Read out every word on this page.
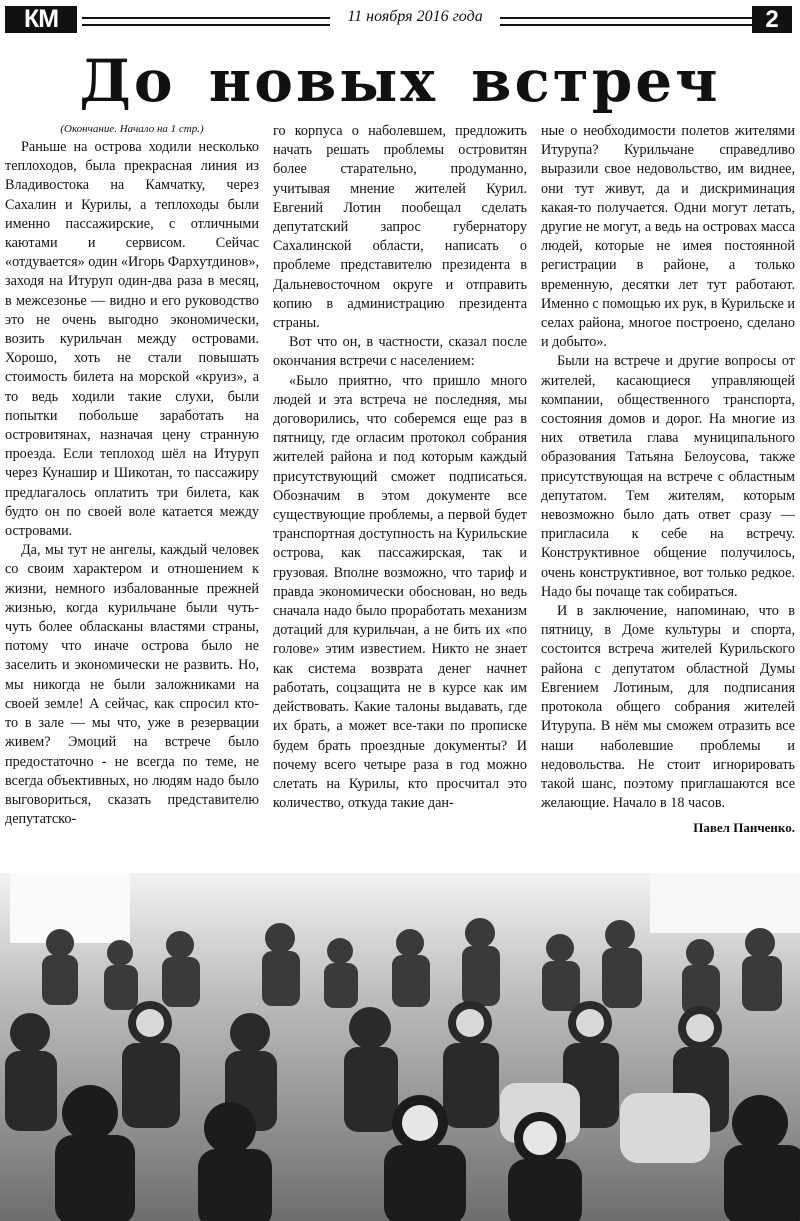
КМ	11 ноября 2016 года	2
До новых встреч
(Окончание. Начало на 1 стр.)

Раньше на острова ходили несколько теплоходов, была прекрасная линия из Владивостока на Камчатку, через Сахалин и Курилы, а теплоходы были именно пассажирские, с отличными каютами и сервисом. Сейчас «отдувается» один «Игорь Фархутдинов», заходя на Итуруп один-два раза в месяц, в межсезонье — видно и его руководство это не очень выгодно экономически, возить курильчан между островами. Хорошо, хоть не стали повышать стоимость билета на морской «круиз», а то ведь ходили такие слухи, были попытки побольше заработать на островитянах, назначая цену странную проезда. Если теплоход шёл на Итуруп через Кунашир и Шикотан, то пассажиру предлагалось оплатить три билета, как будто он по своей воле катается между островами.

Да, мы тут не ангелы, каждый человек со своим характером и отношением к жизни, немного избалованные прежней жизнью, когда курильчане были чуть-чуть более обласканы властями страны, потому что иначе острова было не заселить и экономически не развить. Но, мы никогда не были заложниками на своей земле! А сейчас, как спросил кто-то в зале — мы что, уже в резервации живем? Эмоций на встрече было предостаточно - не всегда по теме, не всегда объективных, но людям надо было выговориться, сказать представителю депутатско-

го корпуса о наболевшем, предложить начать решать проблемы островитян более старательно, продуманно, учитывая мнение жителей Курил. Евгений Лотин пообещал сделать депутатский запрос губернатору Сахалинской области, написать о проблеме представителю президента в Дальневосточном округе и отправить копию в администрацию президента страны.

Вот что он, в частности, сказал после окончания встречи с населением:

«Было приятно, что пришло много людей и эта встреча не последняя, мы договорились, что соберемся еще раз в пятницу, где огласим протокол собрания жителей района и под которым каждый присутствующий сможет подписаться. Обозначим в этом документе все существующие проблемы, а первой будет транспортная доступность на Курильские острова, как пассажирская, так и грузовая. Вполне возможно, что тариф и правда экономически обоснован, но ведь сначала надо было проработать механизм дотаций для курильчан, а не бить их «по голове» этим известием. Никто не знает как система возврата денег начнет работать, соцзащита не в курсе как им действовать. Какие талоны выдавать, где их брать, а может все-таки по прописке будем брать проездные документы? И почему всего четыре раза в год можно слетать на Курилы, кто просчитал это количество, откуда такие дан-

ные о необходимости полетов жителями Итурупа? Курильчане справедливо выразили свое недовольство, им виднее, они тут живут, да и дискриминация какая-то получается. Одни могут летать, другие не могут, а ведь на островах масса людей, которые не имея постоянной регистрации в районе, а только временную, десятки лет тут работают. Именно с помощью их рук, в Курильске и селах района, многое построено, сделано и добыто».

Были на встрече и другие вопросы от жителей, касающиеся управляющей компании, общественного транспорта, состояния домов и дорог. На многие из них ответила глава муниципального образования Татьяна Белоусова, также присутствующая на встрече с областным депутатом. Тем жителям, которым невозможно было дать ответ сразу — пригласила к себе на встречу. Конструктивное общение получилось, очень конструктивное, вот только редкое. Надо бы почаще так собираться.

И в заключение, напоминаю, что в пятницу, в Доме культуры и спорта, состоится встреча жителей Курильского района с депутатом областной Думы Евгением Лотиным, для подписания протокола общего собрания жителей Итурупа. В нём мы сможем отразить все наши наболевшие проблемы и недовольства. Не стоит игнорировать такой шанс, поэтому приглашаются все желающие. Начало в 18 часов.

Павел Панченко.
